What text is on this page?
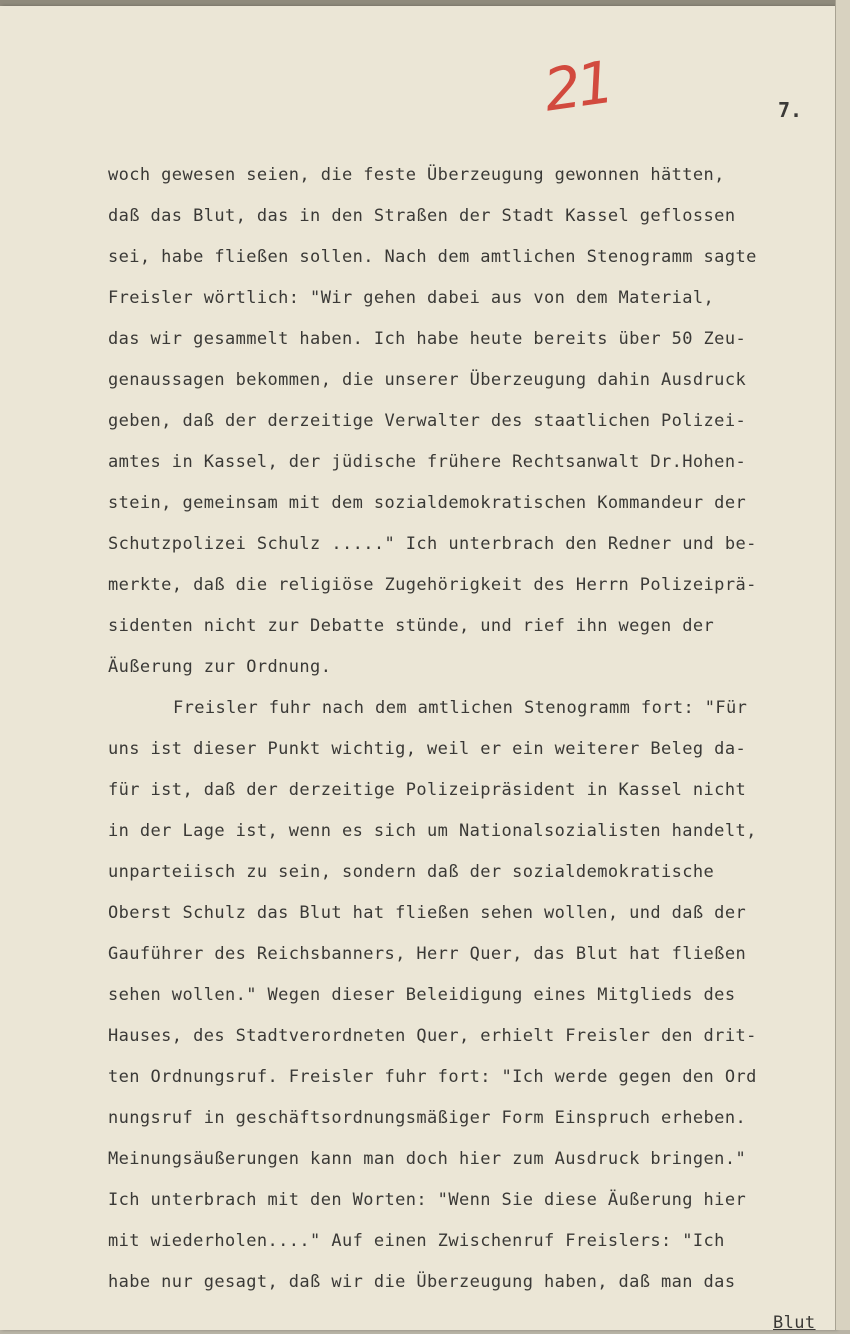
21	7.
woch gewesen seien, die feste Überzeugung gewonnen hätten,
daß das Blut, das in den Straßen der Stadt Kassel geflossen
sei, habe fließen sollen. Nach dem amtlichen Stenogramm sagte
Freisler wörtlich: "Wir gehen dabei aus von dem Material,
das wir gesammelt haben. Ich habe heute bereits über 50 Zeu-
genaussagen bekommen, die unserer Überzeugung dahin Ausdruck
geben, daß der derzeitige Verwalter des staatlichen Polizei-
amtes in Kassel, der jüdische frühere Rechtsanwalt Dr.Hohen-
stein, gemeinsam mit dem sozialdemokratischen Kommandeur der
Schutzpolizei Schulz ....." Ich unterbrach den Redner und be-
merkte, daß die religiöse Zugehörigkeit des Herrn Polizeiprä-
sidenten nicht zur Debatte stünde, und rief ihn wegen der
Äußerung zur Ordnung.
Freisler fuhr nach dem amtlichen Stenogramm fort: "Für
uns ist dieser Punkt wichtig, weil er ein weiterer Beleg da-
für ist, daß der derzeitige Polizeipräsident in Kassel nicht
in der Lage ist, wenn es sich um Nationalsozialisten handelt,
unparteiisch zu sein, sondern daß der sozialdemokratische
Oberst Schulz das Blut hat fließen sehen wollen, und daß der
Gauführer des Reichsbanners, Herr Quer, das Blut hat fließen
sehen wollen." Wegen dieser Beleidigung eines Mitglieds des
Hauses, des Stadtverordneten Quer, erhielt Freisler den drit-
ten Ordnungsruf. Freisler fuhr fort: "Ich werde gegen den Ord
nungsruf in geschäftsordnungsmäßiger Form Einspruch erheben.
Meinungsäußerungen kann man doch hier zum Ausdruck bringen."
Ich unterbrach mit den Worten: "Wenn Sie diese Äußerung hier
mit wiederholen...." Auf einen Zwischenruf Freislers: "Ich
habe nur gesagt, daß wir die Überzeugung haben, daß man das
Blut
